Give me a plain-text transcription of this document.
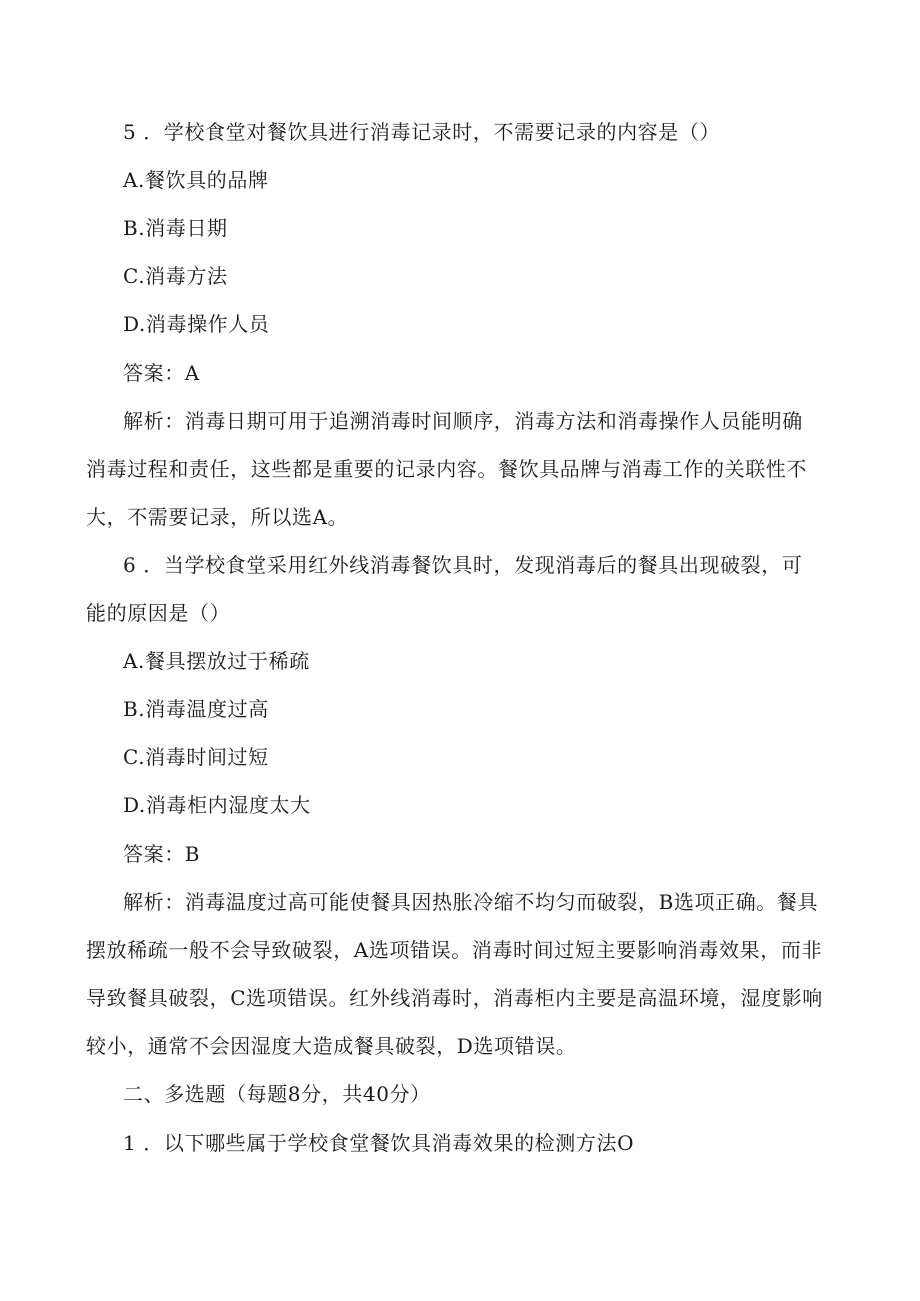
5 ．学校食堂对餐饮具进行消毒记录时，不需要记录的内容是（）
A.餐饮具的品牌
B.消毒日期
C.消毒方法
D.消毒操作人员
答案：A
解析：消毒日期可用于追溯消毒时间顺序，消毒方法和消毒操作人员能明确
消毒过程和责任，这些都是重要的记录内容。餐饮具品牌与消毒工作的关联性不
大，不需要记录，所以选A。
6 ．当学校食堂采用红外线消毒餐饮具时，发现消毒后的餐具出现破裂，可
能的原因是（）
A.餐具摆放过于稀疏
B.消毒温度过高
C.消毒时间过短
D.消毒柜内湿度太大
答案：B
解析：消毒温度过高可能使餐具因热胀冷缩不均匀而破裂，B选项正确。餐具
摆放稀疏一般不会导致破裂，A选项错误。消毒时间过短主要影响消毒效果，而非
导致餐具破裂，C选项错误。红外线消毒时，消毒柜内主要是高温环境，湿度影响
较小，通常不会因湿度大造成餐具破裂，D选项错误。
二、多选题（每题8分，共40分）
1 ．以下哪些属于学校食堂餐饮具消毒效果的检测方法O
